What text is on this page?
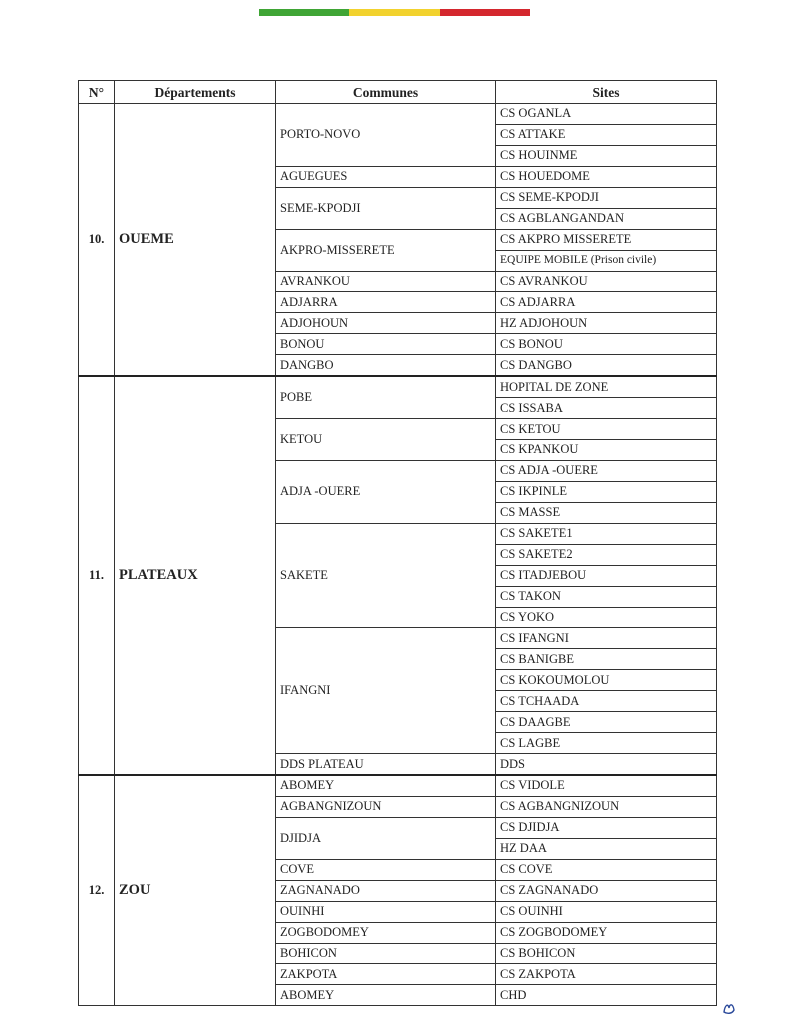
N°	Départements	Communes	Sites
10.	OUEME	PORTO-NOVO	CS OGANLA
			CS ATTAKE
			CS HOUINME
		AGUEGUES	CS HOUEDOME
		SEME-KPODJI	CS SEME-KPODJI
			CS AGBLANGANDAN
		AKPRO-MISSERETE	CS AKPRO MISSERETE
			EQUIPE MOBILE (Prison civile)
		AVRANKOU	CS AVRANKOU
		ADJARRA	CS ADJARRA
		ADJOHOUN	HZ ADJOHOUN
		BONOU	CS BONOU
		DANGBO	CS DANGBO
11.	PLATEAUX	POBE	HOPITAL DE ZONE
			CS ISSABA
		KETOU	CS KETOU
			CS KPANKOU
		ADJA -OUERE	CS ADJA -OUERE
			CS IKPINLE
			CS MASSE
		SAKETE	CS SAKETE1
			CS SAKETE2
			CS ITADJEBOU
			CS TAKON
			CS YOKO
		IFANGNI	CS IFANGNI
			CS BANIGBE
			CS KOKOUMOLOU
			CS TCHAADA
			CS DAAGBE
			CS LAGBE
		DDS PLATEAU	DDS
12.	ZOU	ABOMEY	CS VIDOLE
		AGBANGNIZOUN	CS AGBANGNIZOUN
		DJIDJA	CS DJIDJA
			HZ DAA
		COVE	CS COVE
		ZAGNANADO	CS ZAGNANADO
		OUINHI	CS OUINHI
		ZOGBODOMEY	CS ZOGBODOMEY
		BOHICON	CS BOHICON
		ZAKPOTA	CS ZAKPOTA
		ABOMEY	CHD
